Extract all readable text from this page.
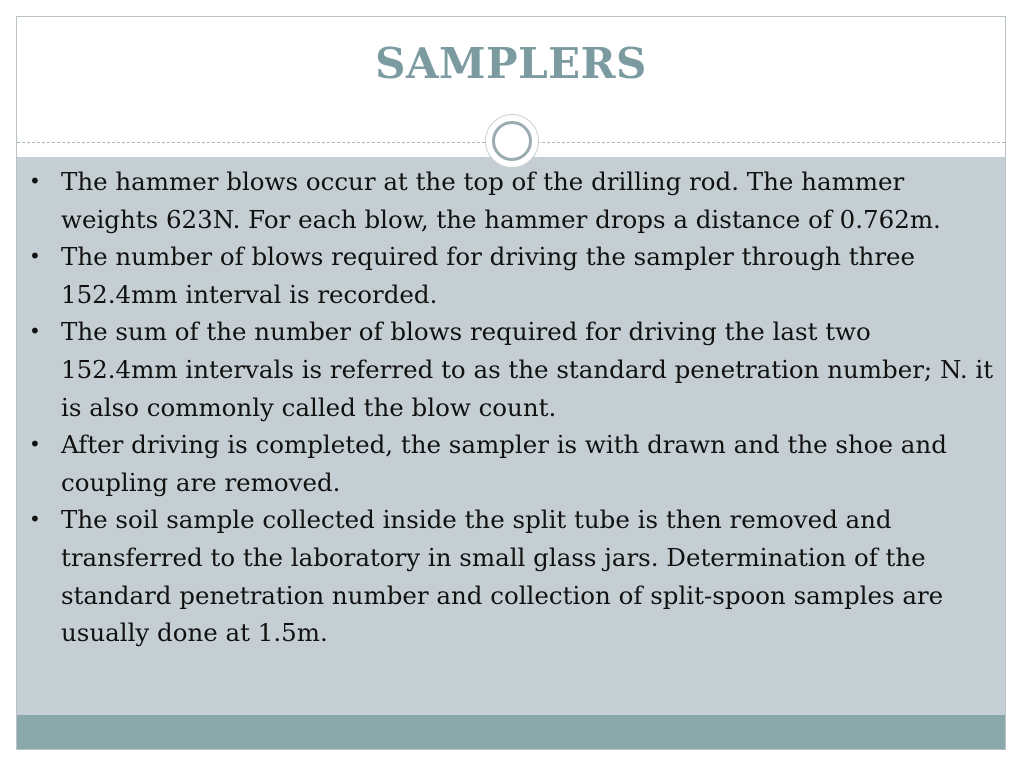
SAMPLERS
• The hammer blows occur at the top of the drilling rod. The hammer weights 623N. For each blow, the hammer drops a distance of 0.762m.
• The number of blows required for driving the sampler through three 152.4mm interval is recorded.
• The sum of the number of blows required for driving the last two 152.4mm intervals is referred to as the standard penetration number; N. it is also commonly called the blow count.
• After driving is completed, the sampler is with drawn and the shoe and coupling are removed.
• The soil sample collected inside the split tube is then removed and transferred to the laboratory in small glass jars. Determination of the standard penetration number and collection of split-spoon samples are usually done at 1.5m.
